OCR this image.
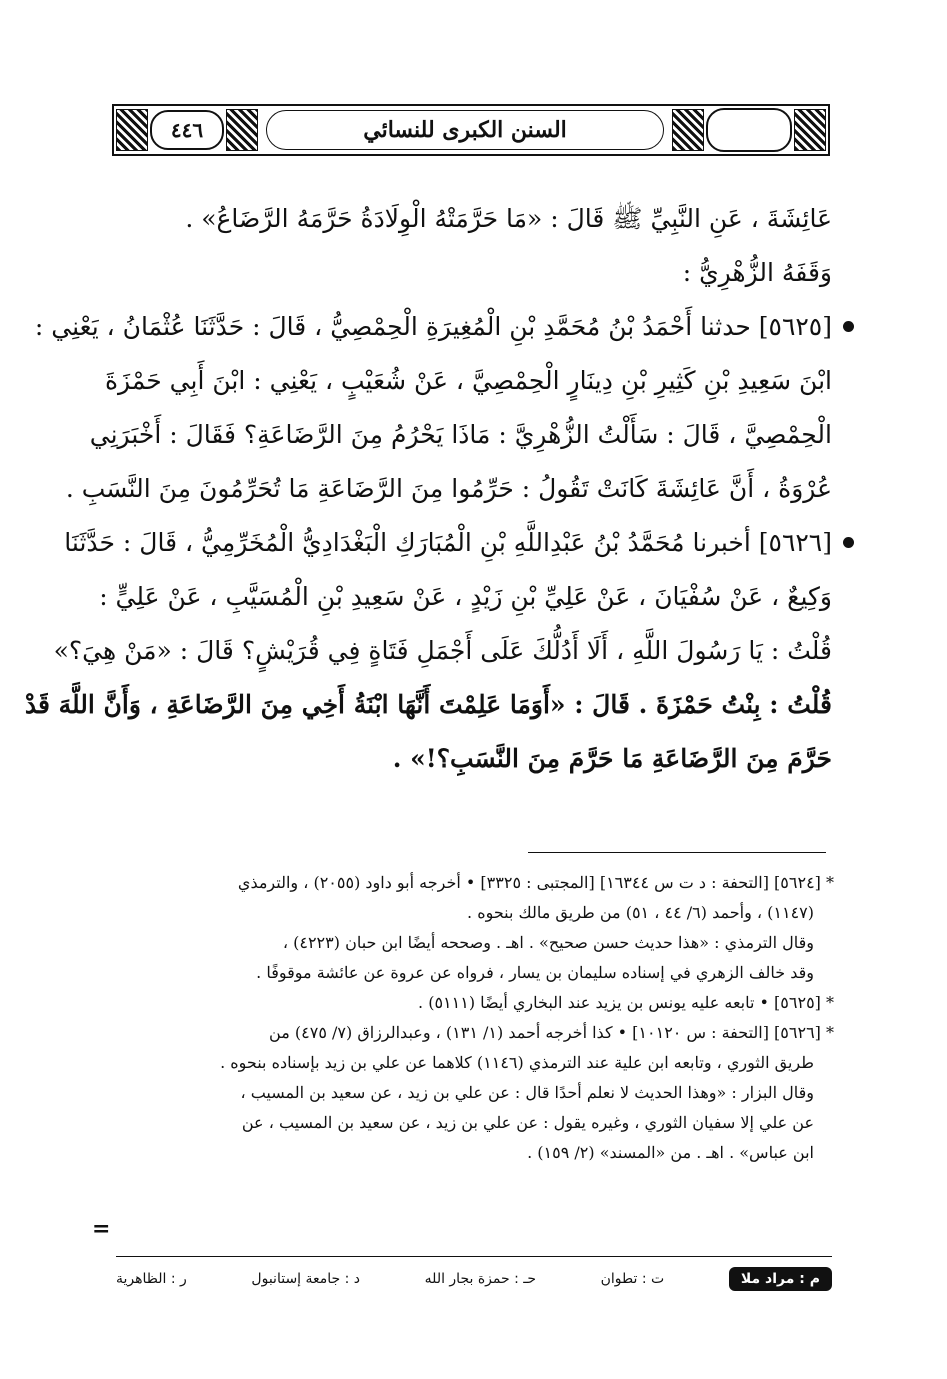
٤٤٦	السنن الكبرى للنسائي
عَائِشَةَ ، عَنِ النَّبِيِّ ﷺ قَالَ : «مَا حَرَّمَتْهُ الْوِلَادَةُ حَرَّمَهُ الرَّضَاعُ» .
وَقَفَهُ الزُّهْرِيُّ :
[٥٦٢٥] حدثنا أَحْمَدُ بْنُ مُحَمَّدِ بْنِ الْمُغِيرَةِ الْحِمْصِيُّ ، قَالَ : حَدَّثَنَا عُثْمَانُ ، يَعْنِي :
ابْنَ سَعِيدِ بْنِ كَثِيرِ بْنِ دِينَارٍ الْحِمْصِيَّ ، عَنْ شُعَيْبٍ ، يَعْنِي : ابْنَ أَبِي حَمْزَةَ
الْحِمْصِيَّ ، قَالَ : سَأَلْتُ الزُّهْرِيَّ : مَاذَا يَحْرُمُ مِنَ الرَّضَاعَةِ؟ فَقَالَ : أَخْبَرَنِي
عُرْوَةُ ، أَنَّ عَائِشَةَ كَانَتْ تَقُولُ : حَرِّمُوا مِنَ الرَّضَاعَةِ مَا تُحَرِّمُونَ مِنَ النَّسَبِ .
[٥٦٢٦] أخبرنا مُحَمَّدُ بْنُ عَبْدِاللَّهِ بْنِ الْمُبَارَكِ الْبَغْدَادِيُّ الْمُخَرِّمِيُّ ، قَالَ : حَدَّثَنَا
وَكِيعٌ ، عَنْ سُفْيَانَ ، عَنْ عَلِيِّ بْنِ زَيْدٍ ، عَنْ سَعِيدِ بْنِ الْمُسَيَّبِ ، عَنْ عَلِيٍّ :
قُلْتُ : يَا رَسُولَ اللَّهِ ، أَلَا أَدُلُّكَ عَلَى أَجْمَلِ فَتَاةٍ فِي قُرَيْشٍ؟ قَالَ : «مَنْ هِيَ؟»
قُلْتُ : بِنْتُ حَمْزَةَ . قَالَ : «أَوَمَا عَلِمْتَ أَنَّهَا ابْنَةُ أَخِي مِنَ الرَّضَاعَةِ ، وَأَنَّ اللَّهَ قَدْ
حَرَّمَ مِنَ الرَّضَاعَةِ مَا حَرَّمَ مِنَ النَّسَبِ؟!» .
* [٥٦٢٤] [التحفة : د ت س ١٦٣٤٤] [المجتبى : ٣٣٢٥] • أخرجه أبو داود (٢٠٥٥) ، والترمذي
(١١٤٧) ، وأحمد (٦/ ٤٤ ، ٥١) من طريق مالك بنحوه .
وقال الترمذي : «هذا حديث حسن صحيح» . اهـ . وصححه أيضًا ابن حبان (٤٢٢٣) ،
وقد خالف الزهري في إسناده سليمان بن يسار ، فرواه عن عروة عن عائشة موقوفًا .
* [٥٦٢٥] • تابعه عليه يونس بن يزيد عند البخاري أيضًا (٥١١١) .
* [٥٦٢٦] [التحفة : س ١٠١٢٠] • كذا أخرجه أحمد (١/ ١٣١) ، وعبدالرزاق (٧/ ٤٧٥) من
طريق الثوري ، وتابعه ابن علية عند الترمذي (١١٤٦) كلاهما عن علي بن زيد بإسناده بنحوه .
وقال البزار : «وهذا الحديث لا نعلم أحدًا قال : عن علي بن زيد ، عن سعيد بن المسيب ،
عن علي إلا سفيان الثوري ، وغيره يقول : عن علي بن زيد ، عن سعيد بن المسيب ، عن
ابن عباس» . اهـ . من «المسند» (٢/ ١٥٩) .
=
م : مراد ملا
ت : تطوان
حـ : حمزة بجار الله
د : جامعة إستانبول
ر : الظاهرية
